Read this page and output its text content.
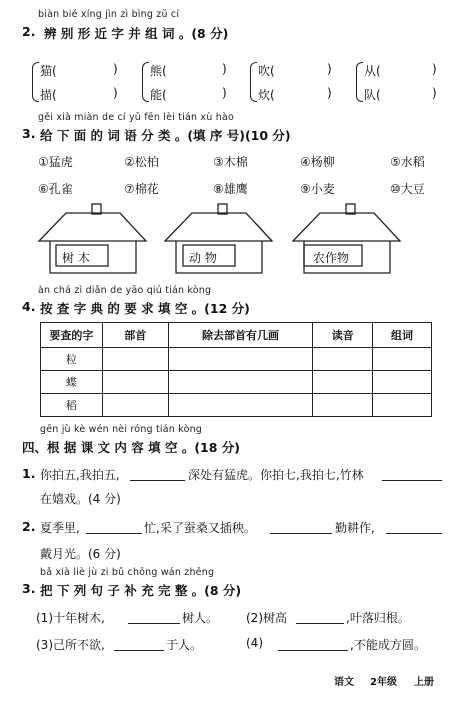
biàn bié xíng jìn zì bìng zǔ cí
2. 辨 别 形 近 字 并 组 词 。(8 分)
猫(	)
描(	)
熊(	)
能(	)
吹(	)
炊(	)
从(	)
队(	)
gěi xià miàn de cí yǔ fēn lèi tián xù hào
3. 给 下 面 的 词 语 分 类 。(填 序 号)(10 分)
①猛虎	②松柏	③木棉	④杨柳	⑤水稻
⑥孔雀	⑦棉花	⑧雄鹰	⑨小麦	⑩大豆
树 木	动 物	农作物
àn chá zì diǎn de yāo qiú tián kòng
4. 按 查 字 典 的 要 求 填 空 。(12 分)
要查的字	部首	除去部首有几画	读音	组词
粒				
蝶				
稻				
gēn jù kè wén nèi róng tián kòng
四、根 据 课 文 内 容 填 空 。(18 分)
1. 你拍五,我拍五,	深处有猛虎。你拍七,我拍七,竹林
在嬉戏。(4 分)
2. 夏季里,	忙,采了蚕桑又插秧。	勤耕作,
戴月光。(6 分)
bǎ xià liè jù zi bǔ chōng wán zhěng
3. 把 下 列 句 子 补 充 完 整 。(8 分)
(1)十年树木,	树人。 (2)树高	,叶落归根。
(3)己所不欲,	于人。	(4)	,不能成方圆。
语文 2年级 上册
